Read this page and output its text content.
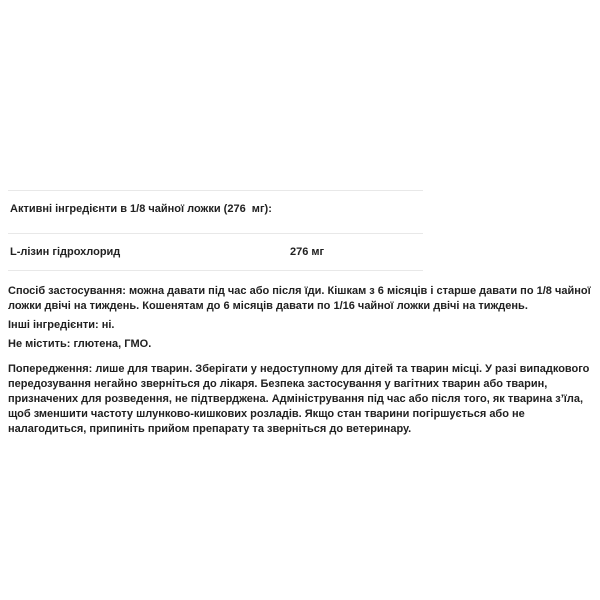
Активні інгредієнти в 1/8 чайної ложки (276  мг):
L-лізин гідрохлорид	276 мг

Спосіб застосування: можна давати під час або після їди. Кішкам з 6 місяців і старше давати по 1/8 чайної ложки двічі на тиждень. Кошенятам до 6 місяців давати по 1/16 чайної ложки двічі на тиждень.

Інші інгредієнти: ні.

Не містить: глютена, ГМО.

Попередження: лише для тварин. Зберігати у недоступному для дітей та тварин місці. У разі випадкового передозування негайно зверніться до лікаря. Безпека застосування у вагітних тварин або тварин, призначених для розведення, не підтверджена. Адміністрування під час або після того, як тварина з’їла, щоб зменшити частоту шлунково-кишкових розладів. Якщо стан тварини погіршується або не налагодиться, припиніть прийом препарату та зверніться до ветеринару.
